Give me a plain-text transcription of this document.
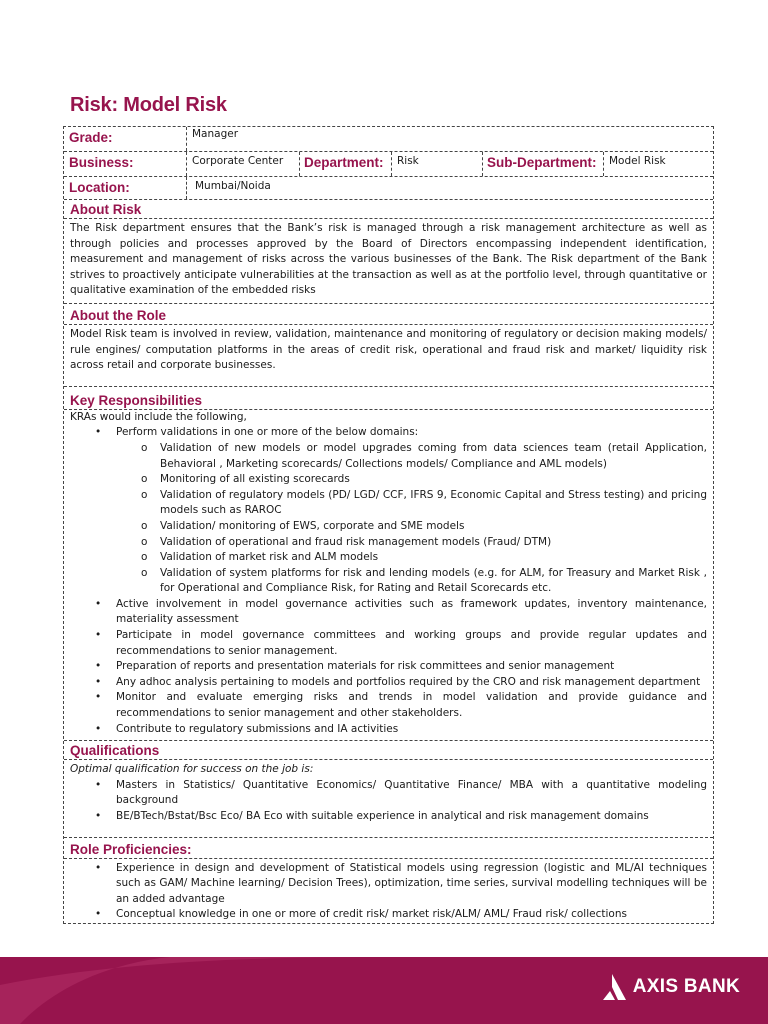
Risk: Model Risk
Grade:	Manager
Business:	Corporate Center	Department:	Risk	Sub-Department:	Model Risk
Location:	Mumbai/Noida
About Risk
The Risk department ensures that the Bank’s risk is managed through a risk management architecture as well as through policies and processes approved by the Board of Directors encompassing independent identification, measurement and management of risks across the various businesses of the Bank. The Risk department of the Bank strives to proactively anticipate vulnerabilities at the transaction as well as at the portfolio level, through quantitative or qualitative examination of the embedded risks
About the Role
Model Risk team is involved in review, validation, maintenance and monitoring of regulatory or decision making models/ rule engines/ computation platforms in the areas of credit risk, operational and fraud risk and market/ liquidity risk across retail and corporate businesses.
Key Responsibilities
KRAs would include the following,
• Perform validations in one or more of the below domains:
o Validation of new models or model upgrades coming from data sciences team (retail Application, Behavioral , Marketing scorecards/ Collections models/ Compliance and AML models)
o Monitoring of all existing scorecards
o Validation of regulatory models (PD/ LGD/ CCF, IFRS 9, Economic Capital and Stress testing) and pricing models such as RAROC
o Validation/ monitoring of EWS, corporate and SME models
o Validation of operational and fraud risk management models (Fraud/ DTM)
o Validation of market risk and ALM models
o Validation of system platforms for risk and lending models (e.g. for ALM, for Treasury and Market Risk , for Operational and Compliance Risk, for Rating and Retail Scorecards etc.
• Active involvement in model governance activities such as framework updates, inventory maintenance, materiality assessment
• Participate in model governance committees and working groups and provide regular updates and recommendations to senior management.
• Preparation of reports and presentation materials for risk committees and senior management
• Any adhoc analysis pertaining to models and portfolios required by the CRO and risk management department
• Monitor and evaluate emerging risks and trends in model validation and provide guidance and recommendations to senior management and other stakeholders.
• Contribute to regulatory submissions and IA activities
Qualifications
Optimal qualification for success on the job is:
• Masters in Statistics/ Quantitative Economics/ Quantitative Finance/ MBA with a quantitative modeling background
• BE/BTech/Bstat/Bsc Eco/ BA Eco with suitable experience in analytical and risk management domains
Role Proficiencies:
• Experience in design and development of Statistical models using regression (logistic and ML/AI techniques such as GAM/ Machine learning/ Decision Trees), optimization, time series, survival modelling techniques will be an added advantage
• Conceptual knowledge in one or more of credit risk/ market risk/ALM/ AML/ Fraud risk/ collections
AXIS BANK
